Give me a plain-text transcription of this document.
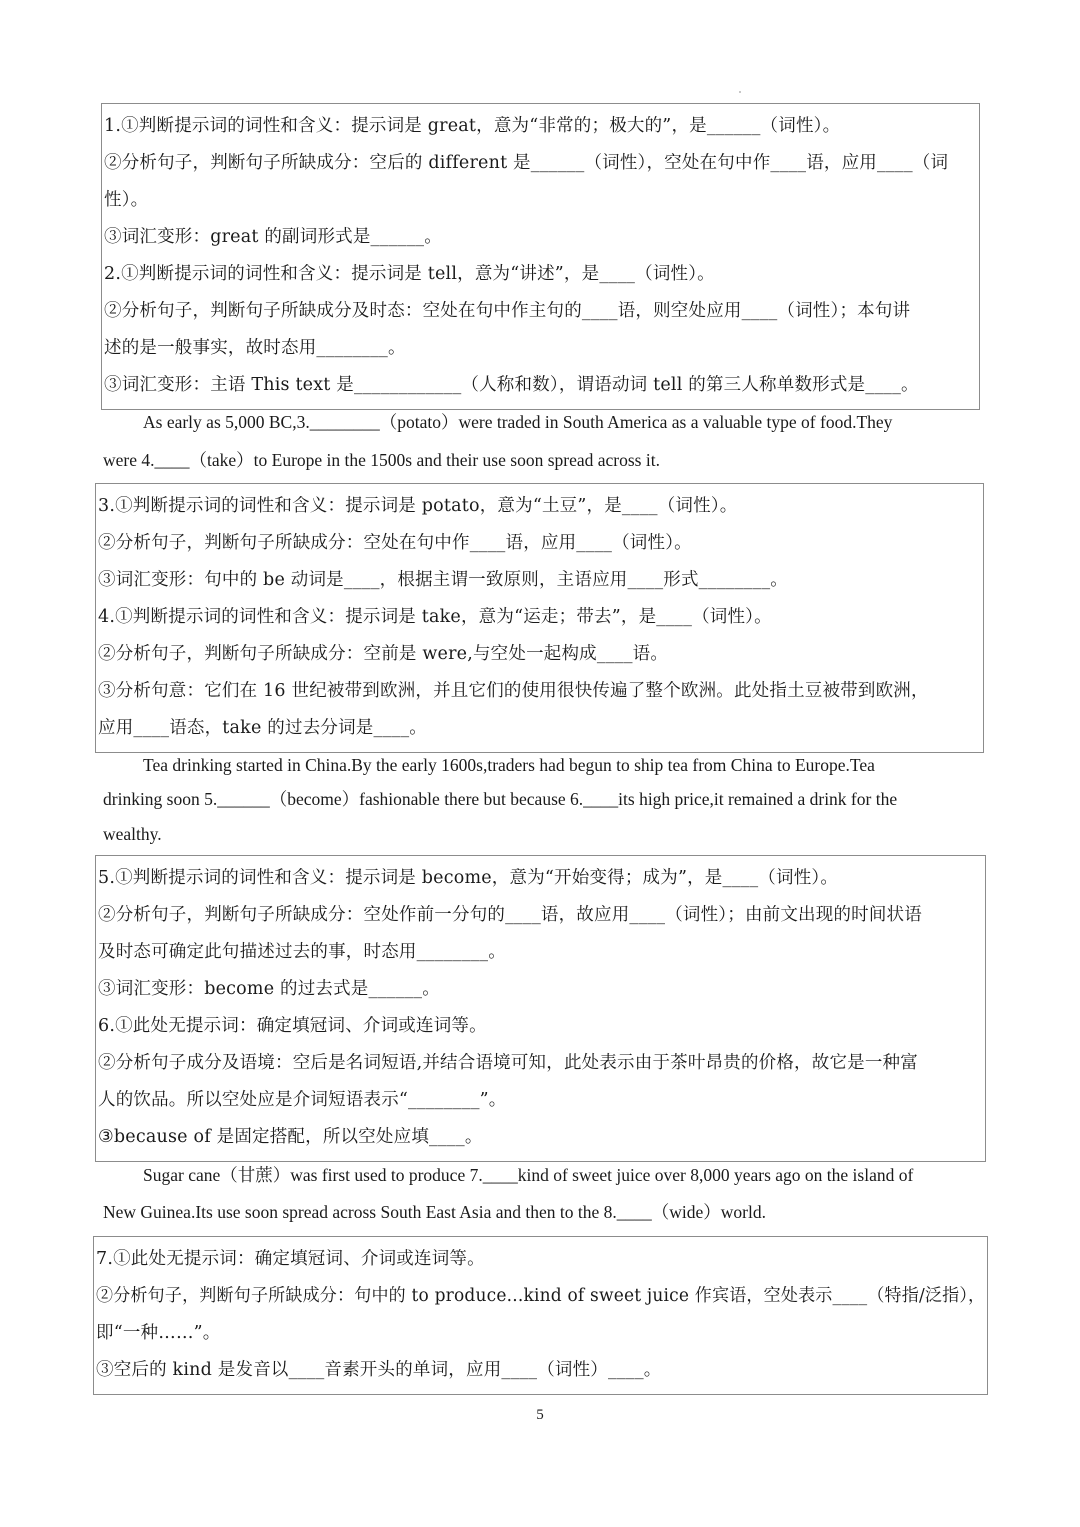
1.①判断提示词的词性和含义：提示词是 great，意为“非常的；极大的”，是______（词性）。
②分析句子，判断句子所缺成分：空后的 different 是______（词性），空处在句中作____语，应用____（词
性）。
③词汇变形：great 的副词形式是______。
2.①判断提示词的词性和含义：提示词是 tell，意为“讲述”，是____（词性）。
②分析句子，判断句子所缺成分及时态：空处在句中作主句的____语，则空处应用____（词性）；本句讲
述的是一般事实，故时态用________。
③词汇变形：主语 This text 是____________（人称和数），谓语动词 tell 的第三人称单数形式是____。
As early as 5,000 BC,3.________（potato）were traded in South America as a valuable type of food.They
were 4.____（take）to Europe in the 1500s and their use soon spread across it.
3.①判断提示词的词性和含义：提示词是 potato，意为“土豆”，是____（词性）。
②分析句子，判断句子所缺成分：空处在句中作____语，应用____（词性）。
③词汇变形：句中的 be 动词是____，根据主谓一致原则，主语应用____形式________。
4.①判断提示词的词性和含义：提示词是 take，意为“运走；带去”，是____（词性）。
②分析句子，判断句子所缺成分：空前是 were,与空处一起构成____语。
③分析句意：它们在 16 世纪被带到欧洲，并且它们的使用很快传遍了整个欧洲。此处指土豆被带到欧洲，
应用____语态，take 的过去分词是____。
Tea drinking started in China.By the early 1600s,traders had begun to ship tea from China to Europe.Tea
drinking soon 5.______（become）fashionable there but because 6.____its high price,it remained a drink for the
wealthy.
5.①判断提示词的词性和含义：提示词是 become，意为“开始变得；成为”，是____（词性）。
②分析句子，判断句子所缺成分：空处作前一分句的____语，故应用____（词性）；由前文出现的时间状语
及时态可确定此句描述过去的事，时态用________。
③词汇变形：become 的过去式是______。
6.①此处无提示词：确定填冠词、介词或连词等。
②分析句子成分及语境：空后是名词短语,并结合语境可知，此处表示由于茶叶昂贵的价格，故它是一种富
人的饮品。所以空处应是介词短语表示“________”。
③because of 是固定搭配，所以空处应填____。
Sugar cane（甘蔗）was first used to produce 7.____kind of sweet juice over 8,000 years ago on the island of
New Guinea.Its use soon spread across South East Asia and then to the 8.____（wide）world.
7.①此处无提示词：确定填冠词、介词或连词等。
②分析句子，判断句子所缺成分：句中的 to produce...kind of sweet juice 作宾语，空处表示____（特指/泛指），
即“一种……”。
③空后的 kind 是发音以____音素开头的单词，应用____（词性）____。
5
